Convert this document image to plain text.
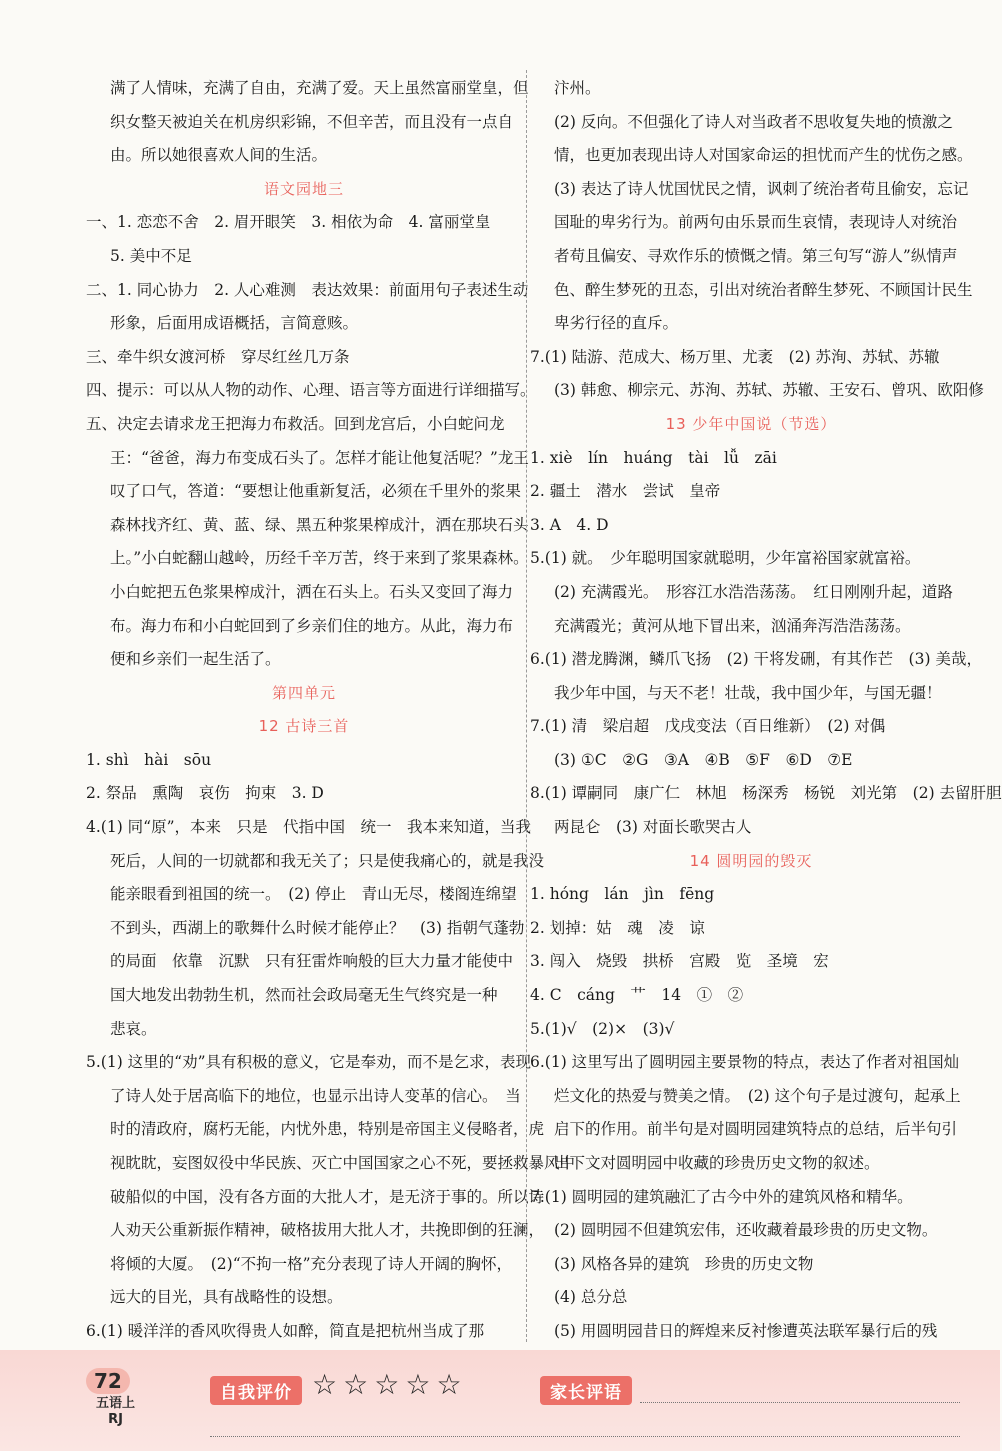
满了人情味，充满了自由，充满了爱。天上虽然富丽堂皇，但
织女整天被迫关在机房织彩锦，不但辛苦，而且没有一点自
由。所以她很喜欢人间的生活。
语文园地三
一、1. 恋恋不舍　2. 眉开眼笑　3. 相依为命　4. 富丽堂皇
5. 美中不足
二、1. 同心协力　2. 人心难测　表达效果：前面用句子表述生动
形象，后面用成语概括，言简意赅。
三、牵牛织女渡河桥　穿尽红丝几万条
四、提示：可以从人物的动作、心理、语言等方面进行详细描写。
五、决定去请求龙王把海力布救活。回到龙宫后，小白蛇问龙
王：“爸爸，海力布变成石头了。怎样才能让他复活呢？”龙王
叹了口气，答道：“要想让他重新复活，必须在千里外的浆果
森林找齐红、黄、蓝、绿、黑五种浆果榨成汁，洒在那块石头
上。”小白蛇翻山越岭，历经千辛万苦，终于来到了浆果森林。
小白蛇把五色浆果榨成汁，洒在石头上。石头又变回了海力
布。海力布和小白蛇回到了乡亲们住的地方。从此，海力布
便和乡亲们一起生活了。
第四单元
12 古诗三首
1. shì　hài　sōu
2. 祭品　熏陶　哀伤　拘束　3. D
4.(1) 同“原”，本来　只是　代指中国　统一　我本来知道，当我
死后，人间的一切就都和我无关了；只是使我痛心的，就是我没
能亲眼看到祖国的统一。　(2) 停止　青山无尽，楼阁连绵望
不到头，西湖上的歌舞什么时候才能停止？　(3) 指朝气蓬勃
的局面　依靠　沉默　只有狂雷炸响般的巨大力量才能使中
国大地发出勃勃生机，然而社会政局毫无生气终究是一种
悲哀。
5.(1) 这里的“劝”具有积极的意义，它是奉劝，而不是乞求，表现
了诗人处于居高临下的地位，也显示出诗人变革的信心。　当
时的清政府，腐朽无能，内忧外患，特别是帝国主义侵略者，虎
视眈眈，妄图奴役中华民族、灭亡中国国家之心不死，要拯救暴风中
破船似的中国，没有各方面的大批人才，是无济于事的。所以诗
人劝天公重新振作精神，破格拔用大批人才，共挽即倒的狂澜，
将倾的大厦。　(2)“不拘一格”充分表现了诗人开阔的胸怀，
远大的目光，具有战略性的设想。
6.(1) 暖洋洋的香风吹得贵人如醉，简直是把杭州当成了那
汴州。
(2) 反向。不但强化了诗人对当政者不思收复失地的愤激之
情，也更加表现出诗人对国家命运的担忧而产生的忧伤之感。
(3) 表达了诗人忧国忧民之情，讽刺了统治者苟且偷安，忘记
国耻的卑劣行为。前两句由乐景而生哀情，表现诗人对统治
者苟且偏安、寻欢作乐的愤慨之情。第三句写“游人”纵情声
色、醉生梦死的丑态，引出对统治者醉生梦死、不顾国计民生
卑劣行径的直斥。
7.(1) 陆游、范成大、杨万里、尤袤　(2) 苏洵、苏轼、苏辙
(3) 韩愈、柳宗元、苏洵、苏轼、苏辙、王安石、曾巩、欧阳修
13 少年中国说（节选）
1. xiè　lín　huáng　tài　lǚ　zāi
2. 疆土　潜水　尝试　皇帝
3. A　4. D
5.(1) 就。　少年聪明国家就聪明，少年富裕国家就富裕。
(2) 充满霞光。　形容江水浩浩荡荡。　红日刚刚升起，道路
充满霞光；黄河从地下冒出来，汹涌奔泻浩浩荡荡。
6.(1) 潜龙腾渊，鳞爪飞扬　(2) 干将发硎，有其作芒　(3) 美哉，
我少年中国，与天不老！壮哉，我中国少年，与国无疆！
7.(1) 清　梁启超　戊戌变法（百日维新）　(2) 对偶
(3) ①C　②G　③A　④B　⑤F　⑥D　⑦E
8.(1) 谭嗣同　康广仁　林旭　杨深秀　杨锐　刘光第　(2) 去留肝胆
两昆仑　(3) 对面长歌哭古人
14 圆明园的毁灭
1. hóng　lán　jìn　fēng
2. 划掉：姑　魂　凌　谅
3. 闯入　烧毁　拱桥　宫殿　览　圣境　宏
4. C　cáng　艹　14　①　②
5.(1)√　(2)×　(3)√
6.(1) 这里写出了圆明园主要景物的特点，表达了作者对祖国灿
烂文化的热爱与赞美之情。　(2) 这个句子是过渡句，起承上
启下的作用。前半句是对圆明园建筑特点的总结，后半句引
出下文对圆明园中收藏的珍贵历史文物的叙述。
7.(1) 圆明园的建筑融汇了古今中外的建筑风格和精华。
(2) 圆明园不但建筑宏伟，还收藏着最珍贵的历史文物。
(3) 风格各异的建筑　珍贵的历史文物
(4) 总分总
(5) 用圆明园昔日的辉煌来反衬惨遭英法联军暴行后的残
72
五语上
RJ
自我评价 ☆☆☆☆☆	家长评语
